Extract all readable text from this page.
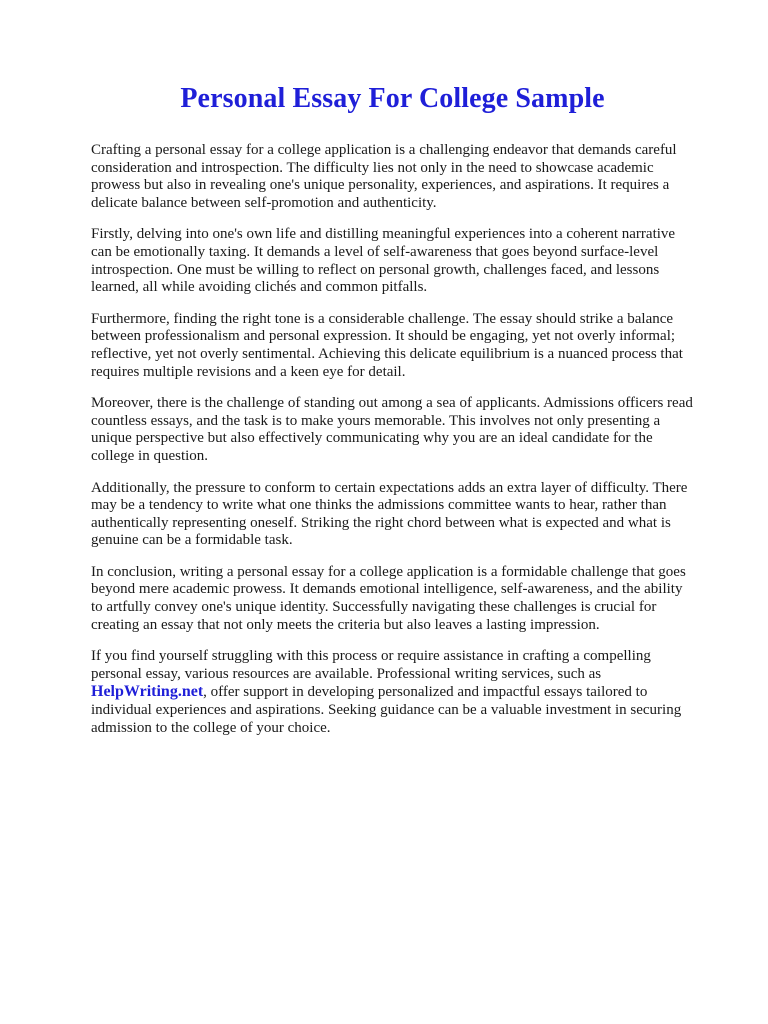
Personal Essay For College Sample

Crafting a personal essay for a college application is a challenging endeavor that demands careful consideration and introspection. The difficulty lies not only in the need to showcase academic prowess but also in revealing one's unique personality, experiences, and aspirations. It requires a delicate balance between self-promotion and authenticity.

Firstly, delving into one's own life and distilling meaningful experiences into a coherent narrative can be emotionally taxing. It demands a level of self-awareness that goes beyond surface-level introspection. One must be willing to reflect on personal growth, challenges faced, and lessons learned, all while avoiding clichés and common pitfalls.

Furthermore, finding the right tone is a considerable challenge. The essay should strike a balance between professionalism and personal expression. It should be engaging, yet not overly informal; reflective, yet not overly sentimental. Achieving this delicate equilibrium is a nuanced process that requires multiple revisions and a keen eye for detail.

Moreover, there is the challenge of standing out among a sea of applicants. Admissions officers read countless essays, and the task is to make yours memorable. This involves not only presenting a unique perspective but also effectively communicating why you are an ideal candidate for the college in question.

Additionally, the pressure to conform to certain expectations adds an extra layer of difficulty. There may be a tendency to write what one thinks the admissions committee wants to hear, rather than authentically representing oneself. Striking the right chord between what is expected and what is genuine can be a formidable task.

In conclusion, writing a personal essay for a college application is a formidable challenge that goes beyond mere academic prowess. It demands emotional intelligence, self-awareness, and the ability to artfully convey one's unique identity. Successfully navigating these challenges is crucial for creating an essay that not only meets the criteria but also leaves a lasting impression.

If you find yourself struggling with this process or require assistance in crafting a compelling personal essay, various resources are available. Professional writing services, such as HelpWriting.net, offer support in developing personalized and impactful essays tailored to individual experiences and aspirations. Seeking guidance can be a valuable investment in securing admission to the college of your choice.
